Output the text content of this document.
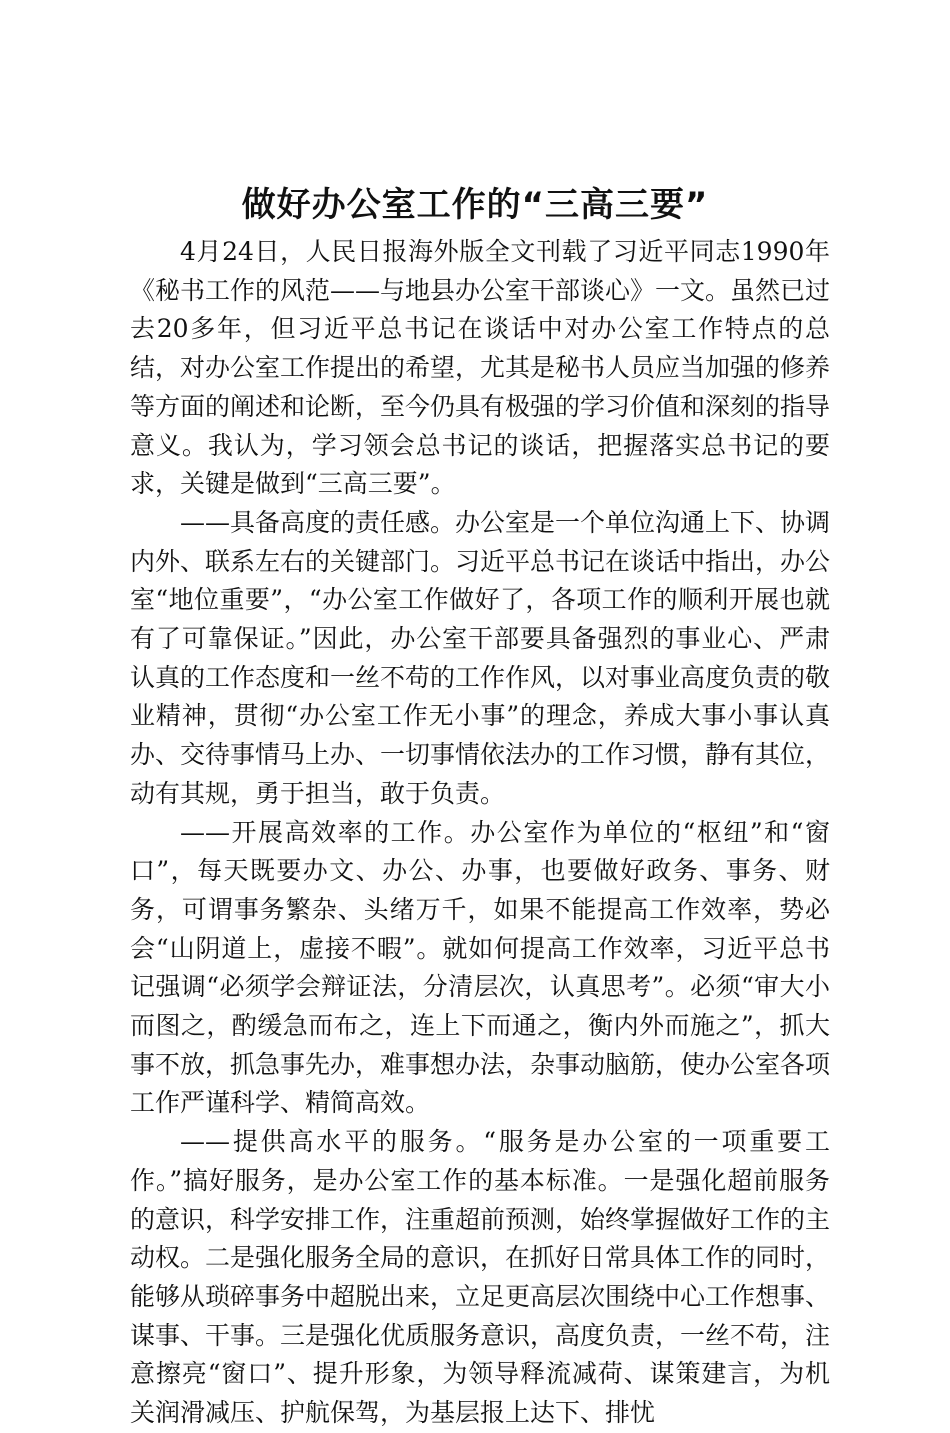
做好办公室工作的“三高三要”

4月24日，人民日报海外版全文刊载了习近平同志1990年《秘书工作的风范——与地县办公室干部谈心》一文。虽然已过去20多年，但习近平总书记在谈话中对办公室工作特点的总结，对办公室工作提出的希望，尤其是秘书人员应当加强的修养等方面的阐述和论断，至今仍具有极强的学习价值和深刻的指导意义。我认为，学习领会总书记的谈话，把握落实总书记的要求，关键是做到“三高三要”。

——具备高度的责任感。办公室是一个单位沟通上下、协调内外、联系左右的关键部门。习近平总书记在谈话中指出，办公室“地位重要”，“办公室工作做好了，各项工作的顺利开展也就有了可靠保证。”因此，办公室干部要具备强烈的事业心、严肃认真的工作态度和一丝不苟的工作作风，以对事业高度负责的敬业精神，贯彻“办公室工作无小事”的理念，养成大事小事认真办、交待事情马上办、一切事情依法办的工作习惯，静有其位，动有其规，勇于担当，敢于负责。

——开展高效率的工作。办公室作为单位的“枢纽”和“窗口”，每天既要办文、办公、办事，也要做好政务、事务、财务，可谓事务繁杂、头绪万千，如果不能提高工作效率，势必会“山阴道上，虚接不暇”。就如何提高工作效率，习近平总书记强调“必须学会辩证法，分清层次，认真思考”。必须“审大小而图之，酌缓急而布之，连上下而通之，衡内外而施之”，抓大事不放，抓急事先办，难事想办法，杂事动脑筋，使办公室各项工作严谨科学、精简高效。

——提供高水平的服务。“服务是办公室的一项重要工作。”搞好服务，是办公室工作的基本标准。一是强化超前服务的意识，科学安排工作，注重超前预测，始终掌握做好工作的主动权。二是强化服务全局的意识，在抓好日常具体工作的同时，能够从琐碎事务中超脱出来，立足更高层次围绕中心工作想事、谋事、干事。三是强化优质服务意识，高度负责，一丝不苟，注意擦亮“窗口”、提升形象，为领导释流减荷、谋策建言，为机关润滑减压、护航保驾，为基层报上达下、排忧
